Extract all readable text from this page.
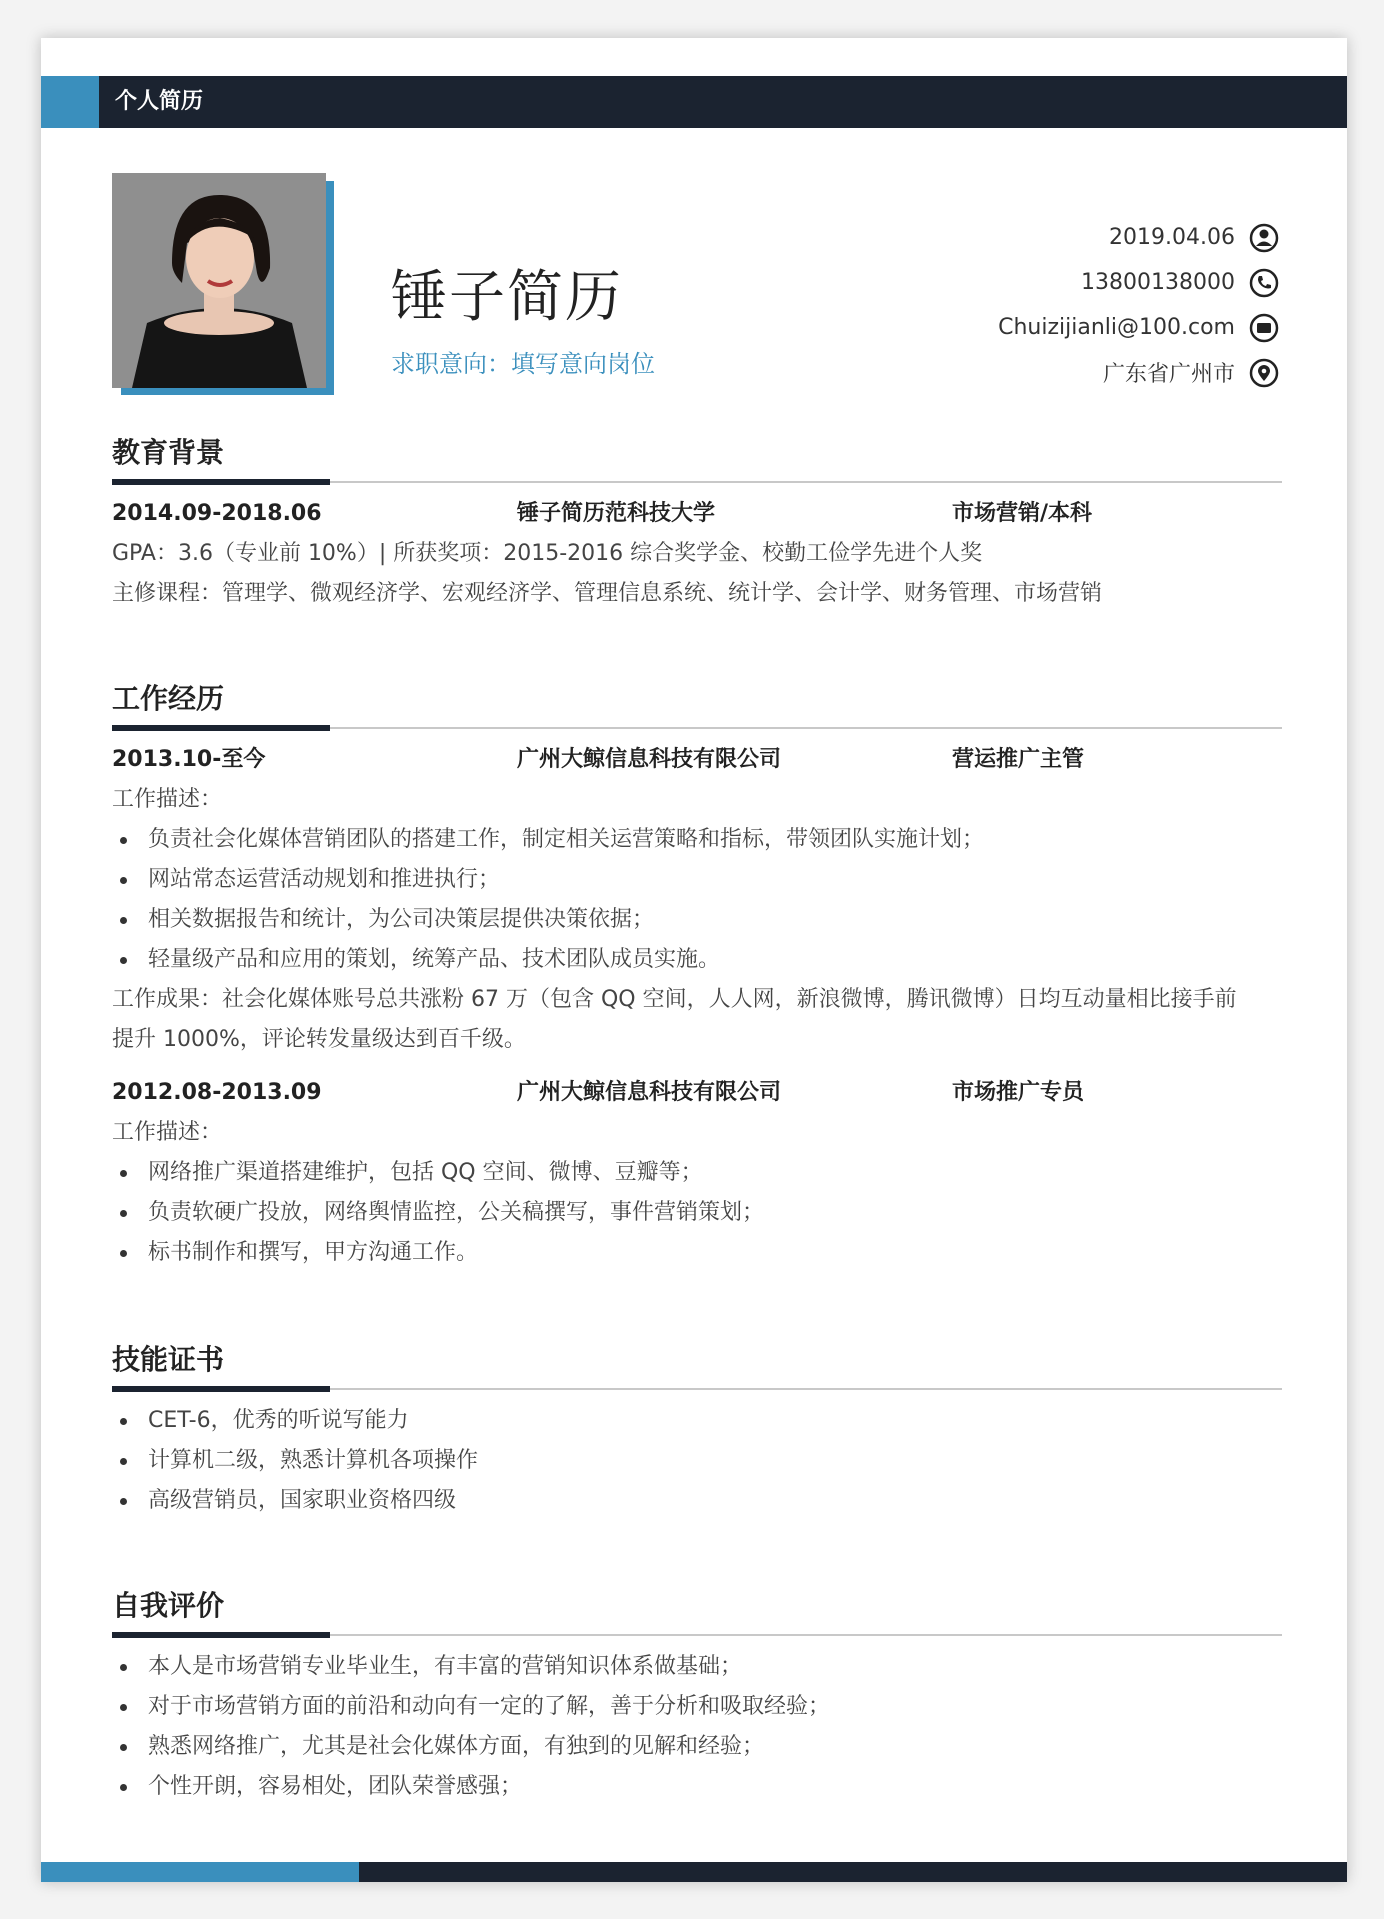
个人简历
锤子简历
求职意向：填写意向岗位
2019.04.06
13800138000
Chuizijianli@100.com
广东省广州市
教育背景
2014.09-2018.06	锤子简历范科技大学	市场营销/本科
GPA：3.6（专业前 10%）| 所获奖项：2015-2016 综合奖学金、校勤工俭学先进个人奖
主修课程：管理学、微观经济学、宏观经济学、管理信息系统、统计学、会计学、财务管理、市场营销
工作经历
2013.10-至今	广州大鲸信息科技有限公司	营运推广主管
工作描述：
负责社会化媒体营销团队的搭建工作，制定相关运营策略和指标，带领团队实施计划；
网站常态运营活动规划和推进执行；
相关数据报告和统计，为公司决策层提供决策依据；
轻量级产品和应用的策划，统筹产品、技术团队成员实施。
工作成果：社会化媒体账号总共涨粉 67 万（包含 QQ 空间，人人网，新浪微博，腾讯微博）日均互动量相比接手前
提升 1000%，评论转发量级达到百千级。
2012.08-2013.09	广州大鲸信息科技有限公司	市场推广专员
工作描述：
网络推广渠道搭建维护，包括 QQ 空间、微博、豆瓣等；
负责软硬广投放，网络舆情监控，公关稿撰写，事件营销策划；
标书制作和撰写，甲方沟通工作。
技能证书
CET-6，优秀的听说写能力
计算机二级，熟悉计算机各项操作
高级营销员，国家职业资格四级
自我评价
本人是市场营销专业毕业生，有丰富的营销知识体系做基础；
对于市场营销方面的前沿和动向有一定的了解，善于分析和吸取经验；
熟悉网络推广，尤其是社会化媒体方面，有独到的见解和经验；
个性开朗，容易相处，团队荣誉感强；
